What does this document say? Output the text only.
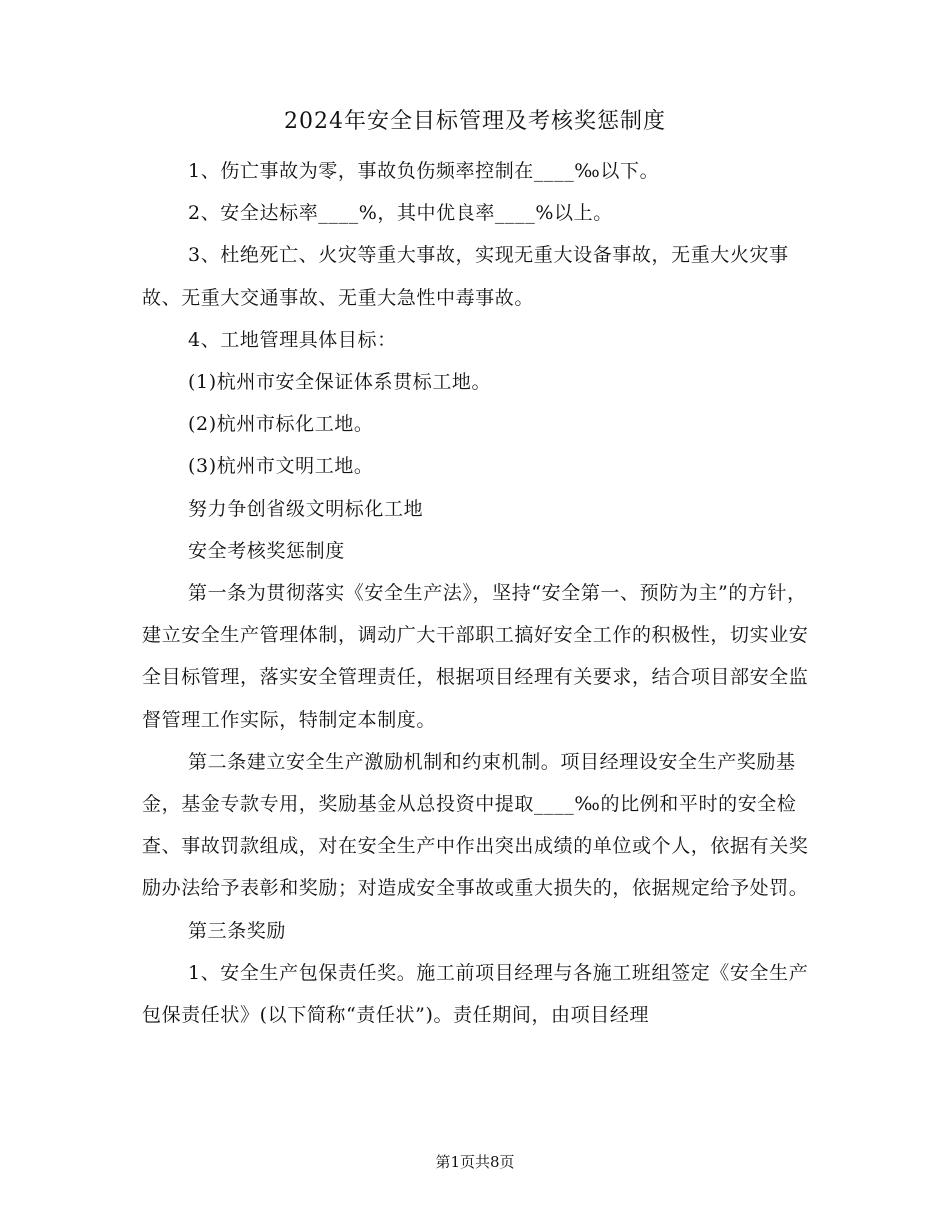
2024年安全目标管理及考核奖惩制度

1、伤亡事故为零，事故负伤频率控制在____‰以下。

2、安全达标率____%，其中优良率____%以上。

3、杜绝死亡、火灾等重大事故，实现无重大设备事故，无重大火灾事故、无重大交通事故、无重大急性中毒事故。

4、工地管理具体目标：

(1)杭州市安全保证体系贯标工地。

(2)杭州市标化工地。

(3)杭州市文明工地。

努力争创省级文明标化工地

安全考核奖惩制度

第一条为贯彻落实《安全生产法》，坚持“安全第一、预防为主”的方针，建立安全生产管理体制，调动广大干部职工搞好安全工作的积极性，切实业安全目标管理，落实安全管理责任，根据项目经理有关要求，结合项目部安全监督管理工作实际，特制定本制度。

第二条建立安全生产激励机制和约束机制。项目经理设安全生产奖励基金，基金专款专用，奖励基金从总投资中提取____‰的比例和平时的安全检查、事故罚款组成，对在安全生产中作出突出成绩的单位或个人，依据有关奖励办法给予表彰和奖励；对造成安全事故或重大损失的，依据规定给予处罚。

第三条奖励

1、安全生产包保责任奖。施工前项目经理与各施工班组签定《安全生产包保责任状》(以下简称“责任状”)。责任期间，由项目经理

第1页共8页
